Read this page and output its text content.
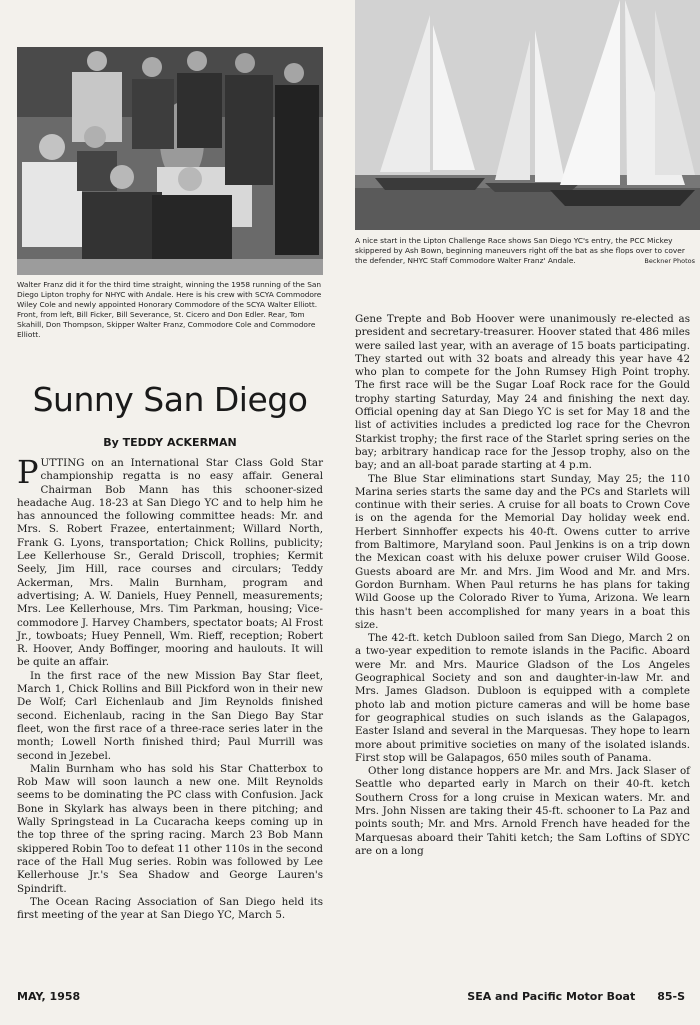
Walter Franz did it for the third time straight, winning the 1958 running of the San Diego Lipton trophy for NHYC with Andale. Here is his crew with SCYA Commodore Wiley Cole and newly appointed Honorary Commodore of the SCYA Walter Elliott. Front, from left, Bill Ficker, Bill Severance, St. Cicero and Don Edler. Rear, Tom Skahill, Don Thompson, Skipper Walter Franz, Commodore Cole and Commodore Elliott.
A nice start in the Lipton Challenge Race shows San Diego YC's entry, the PCC Mickey skippered by Ash Bown, beginning maneuvers right off the bat as she flops over to cover the defender, NHYC Staff Commodore Walter Franz' Andale.	Beckner Photos
Sunny San Diego
By TEDDY ACKERMAN

PUTTING on an International Star Class Gold Star championship regatta is no easy affair. General Chairman Bob Mann has this schooner-sized headache Aug. 18-23 at San Diego YC and to help him he has announced the following committee heads: Mr. and Mrs. S. Robert Frazee, entertainment; Willard North, Frank G. Lyons, transportation; Chick Rollins, publicity; Lee Kellerhouse Sr., Gerald Driscoll, trophies; Kermit Seely, Jim Hill, race courses and circulars; Teddy Ackerman, Mrs. Malin Burnham, program and advertising; A. W. Daniels, Huey Pennell, measurements; Mrs. Lee Kellerhouse, Mrs. Tim Parkman, housing; Vice-commodore J. Harvey Chambers, spectator boats; Al Frost Jr., towboats; Huey Pennell, Wm. Rieff, reception; Robert R. Hoover, Andy Boffinger, mooring and haulouts. It will be quite an affair.

In the first race of the new Mission Bay Star fleet, March 1, Chick Rollins and Bill Pickford won in their new De Wolf; Carl Eichenlaub and Jim Reynolds finished second. Eichenlaub, racing in the San Diego Bay Star fleet, won the first race of a three-race series later in the month; Lowell North finished third; Paul Murrill was second in Jezebel.

Malin Burnham who has sold his Star Chatterbox to Rob Maw will soon launch a new one. Milt Reynolds seems to be dominating the PC class with Confusion. Jack Bone in Skylark has always been in there pitching; and Wally Springstead in La Cucaracha keeps coming up in the top three of the spring racing. March 23 Bob Mann skippered Robin Too to defeat 11 other 110s in the second race of the Hall Mug series. Robin was followed by Lee Kellerhouse Jr.'s Sea Shadow and George Lauren's Spindrift.

The Ocean Racing Association of San Diego held its first meeting of the year at San Diego YC, March 5.

Gene Trepte and Bob Hoover were unanimously re-elected as president and secretary-treasurer. Hoover stated that 486 miles were sailed last year, with an average of 15 boats participating. They started out with 32 boats and already this year have 42 who plan to compete for the John Rumsey High Point trophy. The first race will be the Sugar Loaf Rock race for the Gould trophy starting Saturday, May 24 and finishing the next day. Official opening day at San Diego YC is set for May 18 and the list of activities includes a predicted log race for the Chevron Starkist trophy; the first race of the Starlet spring series on the bay; arbitrary handicap race for the Jessop trophy, also on the bay; and an all-boat parade starting at 4 p.m.

The Blue Star eliminations start Sunday, May 25; the 110 Marina series starts the same day and the PCs and Starlets will continue with their series. A cruise for all boats to Crown Cove is on the agenda for the Memorial Day holiday week end. Herbert Sinnhoffer expects his 40-ft. Owens cutter to arrive from Baltimore, Maryland soon. Paul Jenkins is on a trip down the Mexican coast with his deluxe power cruiser Wild Goose. Guests aboard are Mr. and Mrs. Jim Wood and Mr. and Mrs. Gordon Burnham. When Paul returns he has plans for taking Wild Goose up the Colorado River to Yuma, Arizona. We learn this hasn't been accomplished for many years in a boat this size.

The 42-ft. ketch Dubloon sailed from San Diego, March 2 on a two-year expedition to remote islands in the Pacific. Aboard were Mr. and Mrs. Maurice Gladson of the Los Angeles Geographical Society and son and daughter-in-law Mr. and Mrs. James Gladson. Dubloon is equipped with a complete photo lab and motion picture cameras and will be home base for geographical studies on such islands as the Galapagos, Easter Island and several in the Marquesas. They hope to learn more about primitive societies on many of the isolated islands. First stop will be Galapagos, 650 miles south of Panama.

Other long distance hoppers are Mr. and Mrs. Jack Slaser of Seattle who departed early in March on their 40-ft. ketch Southern Cross for a long cruise in Mexican waters. Mr. and Mrs. John Nissen are taking their 45-ft. schooner to La Paz and points south; Mr. and Mrs. Arnold French have headed for the Marquesas aboard their Tahiti ketch; the Sam Loftins of SDYC are on a long

MAY, 1958	SEA and Pacific Motor Boat 85-S
